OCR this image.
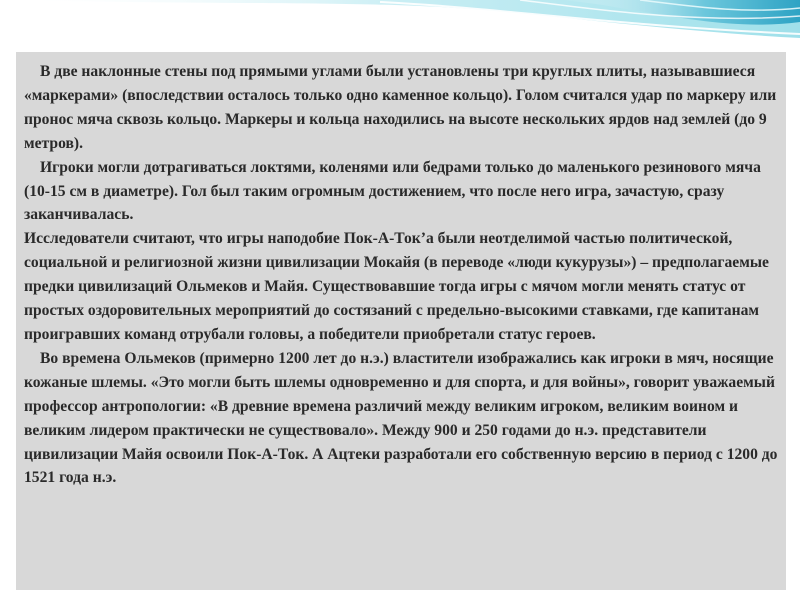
В две наклонные стены под прямыми углами были установлены три круглых плиты, называвшиеся «маркерами» (впоследствии осталось только одно каменное кольцо). Голом считался удар по маркеру или пронос мяча сквозь кольцо. Маркеры и кольца находились на высоте нескольких ярдов над землей (до 9 метров).

Игроки могли дотрагиваться локтями, коленями или бедрами только до маленького резинового мяча (10-15 см в диаметре). Гол был таким огромным достижением, что после него игра, зачастую, сразу заканчивалась.

Исследователи считают, что игры наподобие Пок-А-Ток’а были неотделимой частью политической, социальной и религиозной жизни цивилизации Мокайя (в переводе «люди кукурузы») – предполагаемые предки цивилизаций Ольмеков и Майя. Существовавшие тогда игры с мячом могли менять статус от простых оздоровительных мероприятий до состязаний с предельно-высокими ставками, где капитанам проигравших команд отрубали головы, а победители приобретали статус героев.

Во времена Ольмеков (примерно 1200 лет до н.э.) властители изображались как игроки в мяч, носящие кожаные шлемы. «Это могли быть шлемы одновременно и для спорта, и для войны», говорит уважаемый профессор антропологии: «В древние времена различий между великим игроком, великим воином и великим лидером практически не существовало». Между 900 и 250 годами до н.э. представители цивилизации Майя освоили Пок-А-Ток. А Ацтеки разработали его собственную версию в период с 1200 до 1521 года н.э.
